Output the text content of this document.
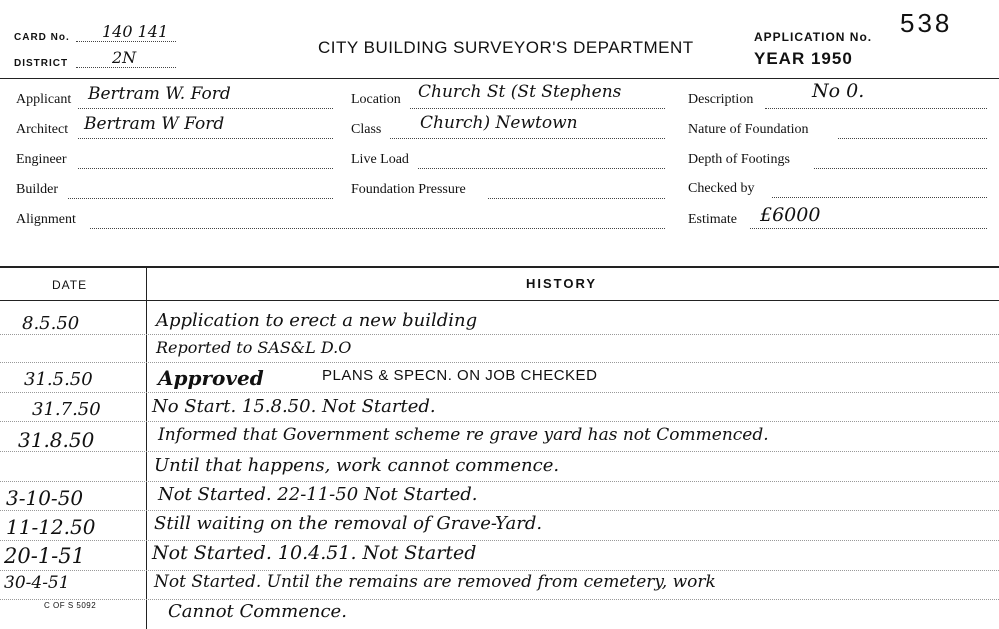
CARD No. 140 141
DISTRICT	2N
CITY BUILDING SURVEYOR'S DEPARTMENT
APPLICATION No. 538
YEAR 1950
Applicant Bertram W. Ford
Architect Bertram W Ford
Engineer
Builder
Alignment
Location Church St (St Stephens
Class Church) Newtown
Live Load
Foundation Pressure
Description	No 0.
Nature of Foundation
Depth of Footings
Checked by
Estimate £6000
DATE	HISTORY
8.5.50	Application to erect a new building
Reported to SAS&L D.O
31.5.50	Approved	PLANS & SPECN. ON JOB CHECKED
31.7.50	No Start. 15.8.50. Not Started.
31.8.50	Informed that Government scheme re grave yard has not Commenced.
Until that happens, work cannot commence.
3-10-50	Not Started. 22-11-50 Not Started.
11-12.50	Still waiting on the removal of Grave-Yard.
20-1-51	Not Started. 10.4.51. Not Started
30-4-51	Not Started. Until the remains are removed from cemetery, work
Cannot Commence.
C OF S 5092
